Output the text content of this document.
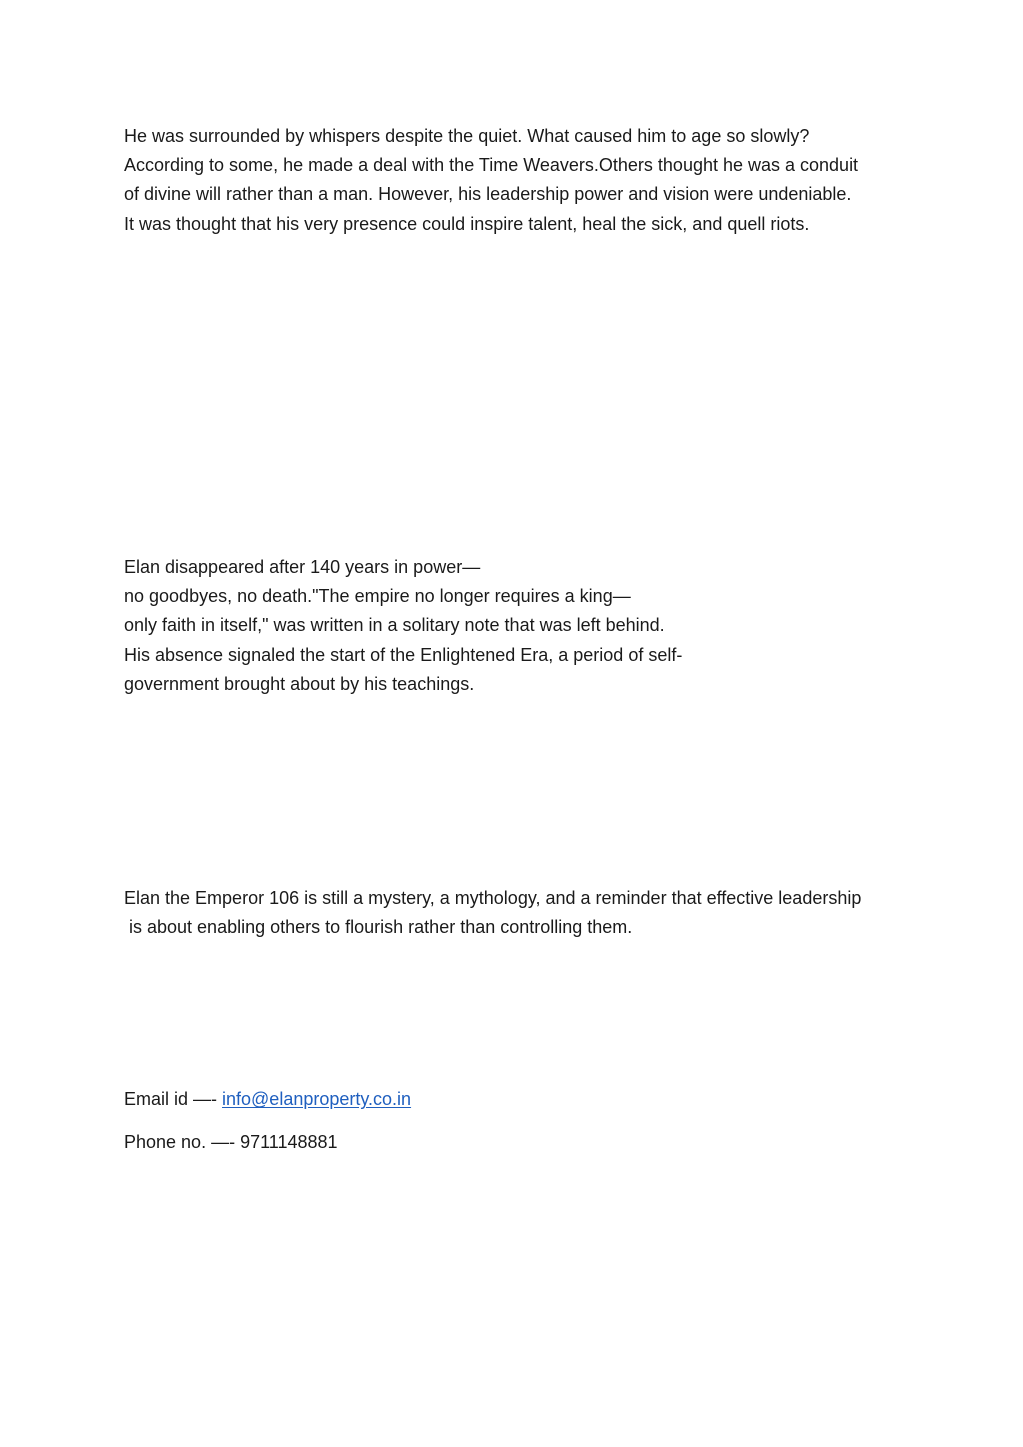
He was surrounded by whispers despite the quiet. What caused him to age so slowly?
According to some, he made a deal with the Time Weavers.Others thought he was a conduit
of divine will rather than a man. However, his leadership power and vision were undeniable.
It was thought that his very presence could inspire talent, heal the sick, and quell riots.
Elan disappeared after 140 years in power—
no goodbyes, no death."The empire no longer requires a king—
only faith in itself," was written in a solitary note that was left behind.
His absence signaled the start of the Enlightened Era, a period of self-
government brought about by his teachings.
Elan the Emperor 106 is still a mystery, a mythology, and a reminder that effective leadership
is about enabling others to flourish rather than controlling them.
Email id —- info@elanproperty.co.in
Phone no. —- 9711148881
